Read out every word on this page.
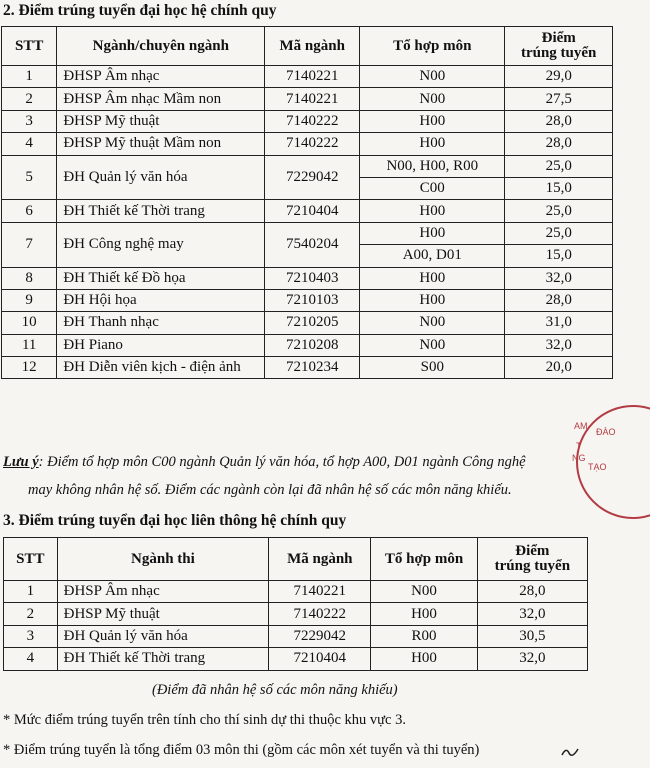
2. Điểm trúng tuyển đại học hệ chính quy
STT	Ngành/chuyên ngành	Mã ngành	Tổ hợp môn	Điểm
trúng tuyển
1	ĐHSP Âm nhạc	7140221	N00	29,0
2	ĐHSP Âm nhạc Mầm non	7140221	N00	27,5
3	ĐHSP Mỹ thuật	7140222	H00	28,0
4	ĐHSP Mỹ thuật Mầm non	7140222	H00	28,0
5	ĐH Quản lý văn hóa	7229042	N00, H00, R00	25,0
			C00	15,0
6	ĐH Thiết kế Thời trang	7210404	H00	25,0
7	ĐH Công nghệ may	7540204	H00	25,0
			A00, D01	15,0
8	ĐH Thiết kế Đồ họa	7210403	H00	32,0
9	ĐH Hội họa	7210103	H00	28,0
10	ĐH Thanh nhạc	7210205	N00	31,0
11	ĐH Piano	7210208	N00	32,0
12	ĐH Diễn viên kịch - điện ảnh	7210234	S00	20,0
Lưu ý: Điểm tổ hợp môn C00 ngành Quản lý văn hóa, tổ hợp A00, D01 ngành Công nghệ
may không nhân hệ số. Điểm các ngành còn lại đã nhân hệ số các môn năng khiếu.
ĐÀO
TẠO
AM
T
NG
3. Điểm trúng tuyển đại học liên thông hệ chính quy
STT	Ngành thi	Mã ngành	Tổ hợp môn	Điểm
trúng tuyển
1	ĐHSP Âm nhạc	7140221	N00	28,0
2	ĐHSP Mỹ thuật	7140222	H00	32,0
3	ĐH Quản lý văn hóa	7229042	R00	30,5
4	ĐH Thiết kế Thời trang	7210404	H00	32,0
(Điểm đã nhân hệ số các môn năng khiếu)
* Mức điểm trúng tuyển trên tính cho thí sinh dự thi thuộc khu vực 3.
* Điểm trúng tuyển là tổng điểm 03 môn thi (gồm các môn xét tuyển và thi tuyển)
